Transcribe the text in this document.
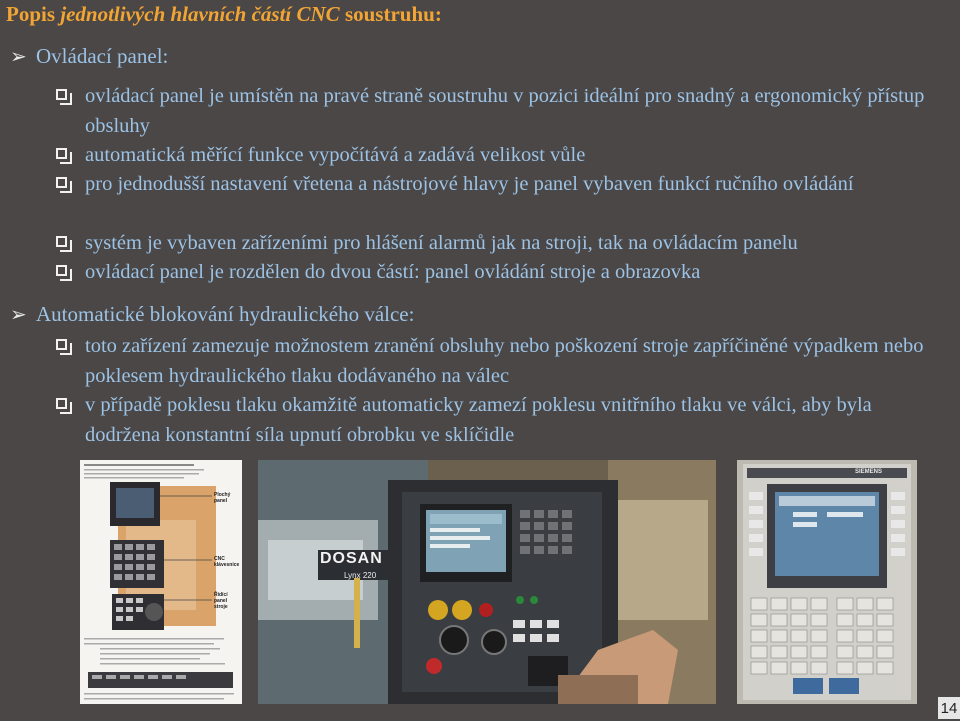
Popis jednotlivých hlavních částí CNC soustruhu:
➢ Ovládací panel:
ovládací panel je umístěn na pravé straně soustruhu v pozici ideální pro snadný a ergonomický přístup obsluhy
automatická měřící funkce vypočítává a zadává velikost vůle
pro jednodušší nastavení vřetena a nástrojové hlavy je panel vybaven funkcí ručního ovládání
systém je vybaven zařízeními pro hlášení alarmů jak na stroji, tak na ovládacím panelu
ovládací panel je rozdělen do dvou částí: panel ovládání stroje a obrazovka
➢ Automatické blokování hydraulického válce:
toto zařízení zamezuje možnostem zranění obsluhy nebo poškození stroje zapříčiněné výpadkem nebo poklesem hydraulického tlaku dodávaného na válec
v případě poklesu tlaku okamžitě automaticky zamezí poklesu vnitřního tlaku ve válci, aby byla dodržena konstantní síla upnutí obrobku ve sklíčidle
Plochý panel
CNC klávesnice
Řídící panel stroje
DOSAN
Lynx 220
SIEMENS
14
